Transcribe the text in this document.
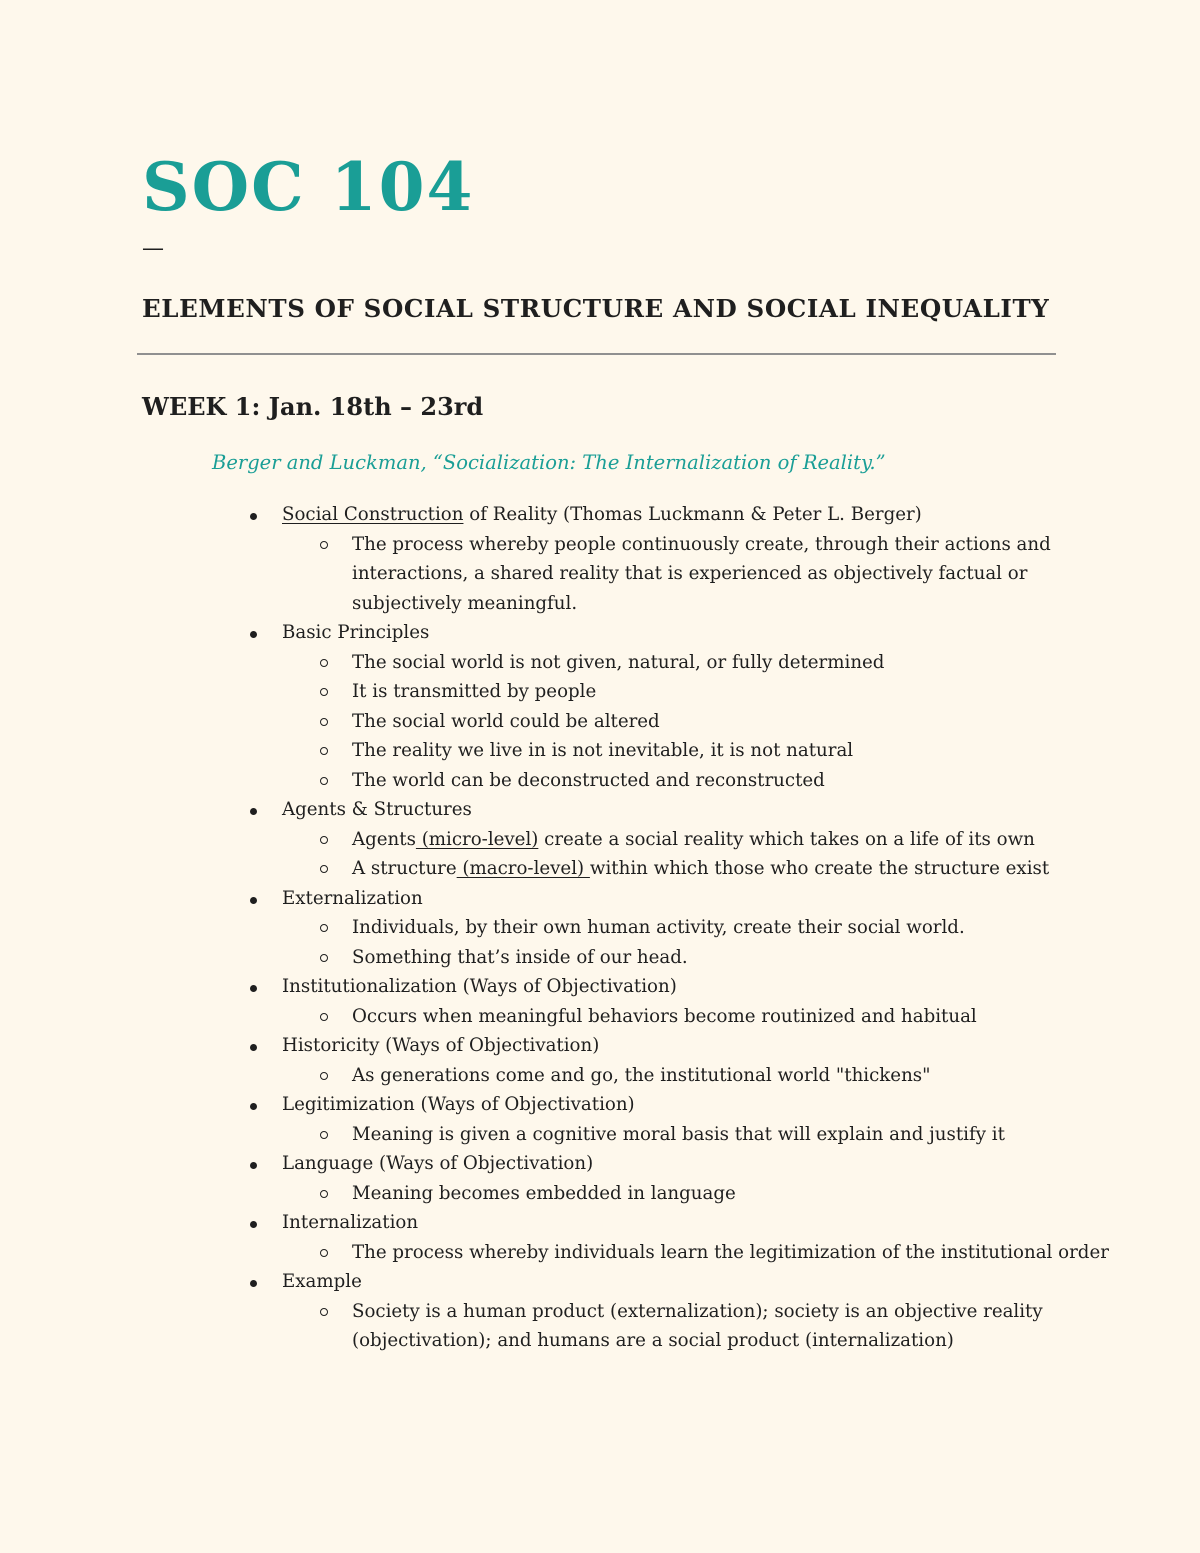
SOC 104
—
ELEMENTS OF SOCIAL STRUCTURE AND SOCIAL INEQUALITY
WEEK 1: Jan. 18th – 23rd
Berger and Luckman, “Socialization: The Internalization of Reality.”
Social Construction of Reality (Thomas Luckmann & Peter L. Berger)
The process whereby people continuously create, through their actions and interactions, a shared reality that is experienced as objectively factual or subjectively meaningful.
Basic Principles
The social world is not given, natural, or fully determined
It is transmitted by people
The social world could be altered
The reality we live in is not inevitable, it is not natural
The world can be deconstructed and reconstructed
Agents & Structures
Agents (micro-level) create a social reality which takes on a life of its own
A structure (macro-level) within which those who create the structure exist
Externalization
Individuals, by their own human activity, create their social world.
Something that’s inside of our head.
Institutionalization (Ways of Objectivation)
Occurs when meaningful behaviors become routinized and habitual
Historicity (Ways of Objectivation)
As generations come and go, the institutional world "thickens"
Legitimization (Ways of Objectivation)
Meaning is given a cognitive moral basis that will explain and justify it
Language (Ways of Objectivation)
Meaning becomes embedded in language
Internalization
The process whereby individuals learn the legitimization of the institutional order
Example
Society is a human product (externalization); society is an objective reality (objectivation); and humans are a social product (internalization)
